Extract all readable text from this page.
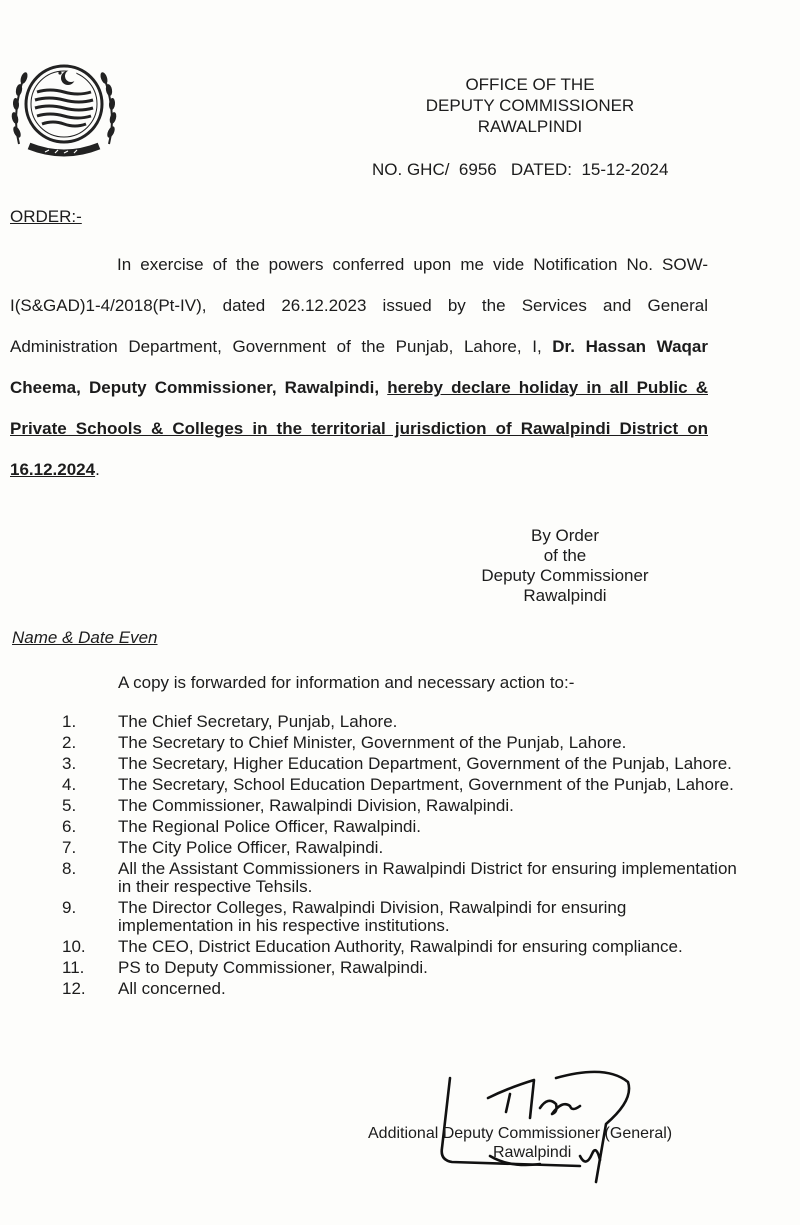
OFFICE OF THE
DEPUTY COMMISSIONER
RAWALPINDI
NO. GHC/ 6956 DATED: 15-12-2024
ORDER:-
In exercise of the powers conferred upon me vide Notification No. SOW-I(S&GAD)1-4/2018(Pt-IV), dated 26.12.2023 issued by the Services and General Administration Department, Government of the Punjab, Lahore, I, Dr. Hassan Waqar Cheema, Deputy Commissioner, Rawalpindi, hereby declare holiday in all Public & Private Schools & Colleges in the territorial jurisdiction of Rawalpindi District on 16.12.2024.
By Order
of the
Deputy Commissioner
Rawalpindi
Name & Date Even
A copy is forwarded for information and necessary action to:-
1.	The Chief Secretary, Punjab, Lahore.
2.	The Secretary to Chief Minister, Government of the Punjab, Lahore.
3.	The Secretary, Higher Education Department, Government of the Punjab, Lahore.
4.	The Secretary, School Education Department, Government of the Punjab, Lahore.
5.	The Commissioner, Rawalpindi Division, Rawalpindi.
6.	The Regional Police Officer, Rawalpindi.
7.	The City Police Officer, Rawalpindi.
8.	All the Assistant Commissioners in Rawalpindi District for ensuring implementation in their respective Tehsils.
9.	The Director Colleges, Rawalpindi Division, Rawalpindi for ensuring implementation in his respective institutions.
10.	The CEO, District Education Authority, Rawalpindi for ensuring compliance.
11.	PS to Deputy Commissioner, Rawalpindi.
12.	All concerned.
Additional Deputy Commissioner (General)
Rawalpindi
